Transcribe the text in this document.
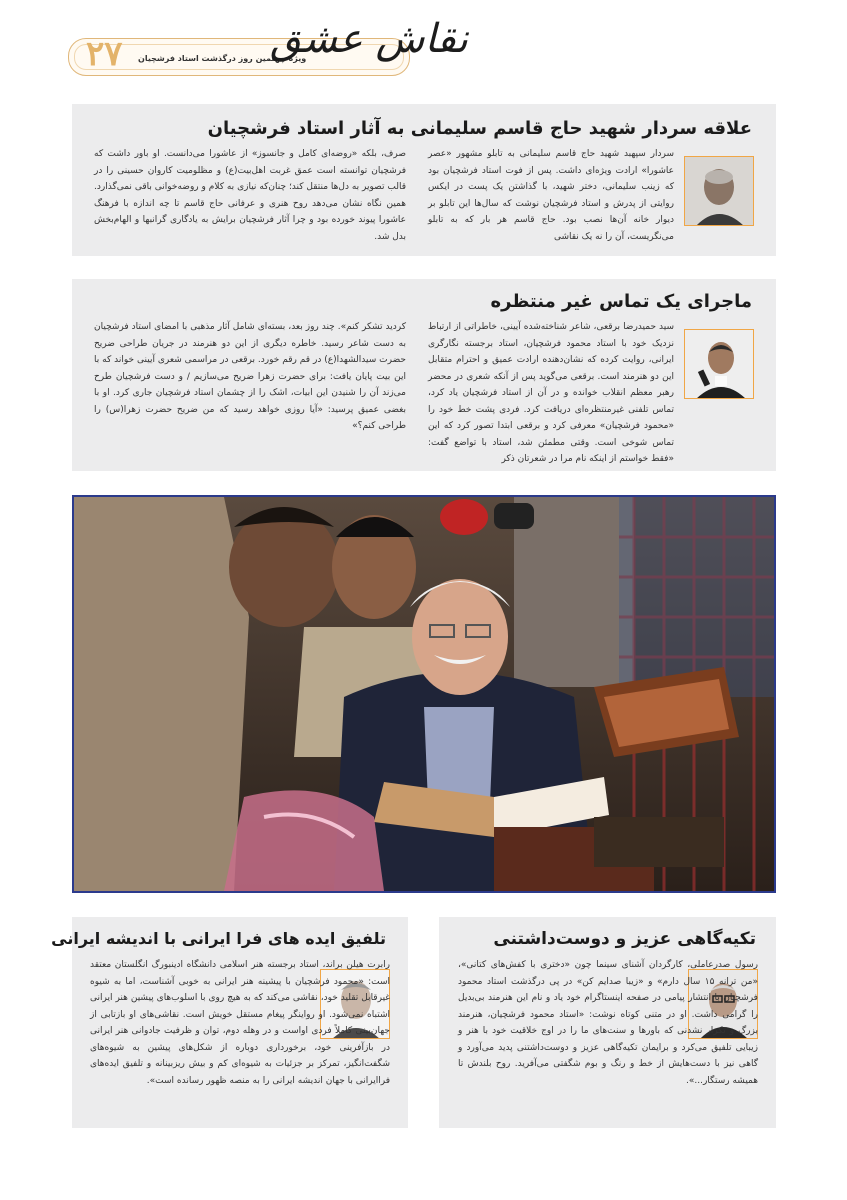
۲۷ ویژه چهلمین روز درگذشت استاد فرشچیان
نقاش عشق
علاقه سردار شهید حاج قاسم سلیمانی به آثار استاد فرشچیان
سردار سپهبد شهید حاج قاسم سلیمانی به تابلو مشهور «عصر عاشورا» ارادت ویژه‌ای داشت. پس از فوت استاد فرشچیان بود که زینب سلیمانی، دختر شهید، با گذاشتن یک پست در ایکس روایتی از پدرش و استاد فرشچیان نوشت که سال‌ها این تابلو بر دیوار خانه آن‌ها نصب بود. حاج قاسم هر بار که به تابلو می‌نگریست، آن را نه یک نقاشی
صرف، بلکه «روضه‌ای کامل و جانسوز» از عاشورا می‌دانست. او باور داشت که فرشچیان توانسته است عمق غربت اهل‌بیت(ع) و مظلومیت کاروان حسینی را در قالب تصویر به دل‌ها منتقل کند؛ چنان‌که نیازی به کلام و روضه‌خوانی باقی نمی‌گذارد. همین نگاه نشان می‌دهد روح هنری و عرفانی حاج قاسم تا چه اندازه با فرهنگ عاشورا پیوند خورده بود و چرا آثار فرشچیان برایش به یادگاری گرانبها و الهام‌بخش بدل شد.
ماجرای یک تماس غیر منتظره
سید حمیدرضا برقعی، شاعر شناخته‌شده آیینی، خاطراتی از ارتباط نزدیک خود با استاد محمود فرشچیان، استاد برجسته نگارگری ایرانی، روایت کرده که نشان‌دهنده ارادت عمیق و احترام متقابل این دو هنرمند است. برقعی می‌گوید پس از آنکه شعری در محضر رهبر معظم انقلاب خوانده و در آن از استاد فرشچیان یاد کرد، تماس تلفنی غیرمنتظره‌ای دریافت کرد. فردی پشت خط خود را «محمود فرشچیان» معرفی کرد و برقعی ابتدا تصور کرد که این تماس شوخی است. وقتی مطمئن شد، استاد با تواضع گفت: «فقط خواستم از اینکه نام مرا در شعرتان ذکر
کردید تشکر کنم». چند روز بعد، بسته‌ای شامل آثار مذهبی با امضای استاد فرشچیان به دست شاعر رسید. خاطره دیگری از این دو هنرمند در جریان طراحی ضریح حضرت سیدالشهدا(ع) در قم رقم خورد. برقعی در مراسمی شعری آیینی خواند که با این بیت پایان یافت: برای حضرت زهرا ضریح می‌سازیم / و دست فرشچیان طرح می‌زند آن را شنیدن این ابیات، اشک را از چشمان استاد فرشچیان جاری کرد. او با بغضی عمیق پرسید: «آیا روزی خواهد رسید که من ضریح حضرت زهرا(س) را طراحی کنم؟»
تکیه‌گاهی عزیز و دوست‌داشتنی
رسول صدرعاملی، کارگردان آشنای سینما چون «دختری با کفش‌های کتانی»، «من ترانه ۱۵ سال دارم» و «زیبا صدایم کن» در پی درگذشت استاد محمود فرشچیان با انتشار پیامی در صفحه اینستاگرام خود یاد و نام این هنرمند بی‌بدیل را گرامی داشت. او در متنی کوتاه نوشت: «استاد محمود فرشچیان، هنرمند بزرگ و تکرار نشدنی که باورها و سنت‌های ما را در اوج خلاقیت خود با هنر و زیبایی تلفیق می‌کرد و برایمان تکیه‌گاهی عزیز و دوست‌داشتنی پدید می‌آورد و گاهی نیز با دست‌هایش از خط و رنگ و بوم شگفتی می‌آفرید. روح بلندش تا همیشه رستگار...».
تلفیق ایده های فرا ایرانی با اندیشه ایرانی
رابرت هیلن براند، استاد برجسته هنر اسلامی دانشگاه ادینبورگ انگلستان معتقد است: «محمود فرشچیان با پیشینه هنر ایرانی به خوبی آشناست، اما به شیوه غیرقابل تقلید خود، نقاشی می‌کند که به هیچ روی با اسلوب‌های پیشین هنر ایرانی اشتباه نمی‌شود. او رواینگر پیغام مستقل خویش است. نقاشی‌های او بازتابی از جهان‌بینی کاملاً فردی اواست و در وهله دوم، توان و ظرفیت جادوانی هنر ایرانی در بازآفرینی خود، برخورداری دوباره از شکل‌های پیشین به شیوه‌های شگفت‌انگیز، تمرکز بر جزئیات به شیوه‌ای کم و بیش ریزبینانه و تلفیق ایده‌های فراایرانی با جهان اندیشه ایرانی را به منصه ظهور رسانده است».
